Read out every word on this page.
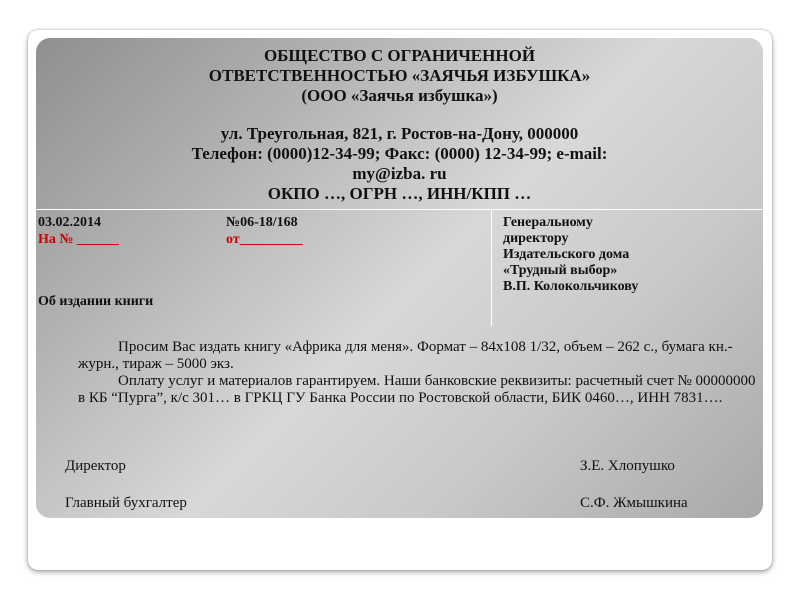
ОБЩЕСТВО С ОГРАНИЧЕННОЙ
ОТВЕТСТВЕННОСТЬЮ «ЗАЯЧЬЯ ИЗБУШКА»
(ООО «Заячья избушка»)
ул. Треугольная, 821, г. Ростов-на-Дону, 000000
Телефон: (0000)12-34-99; Факс: (0000) 12-34-99; e-mail:
my@izba. ru
ОКПО …, ОГРН …, ИНН/КПП …
03.02.2014	№06-18/168
На № ______	от_________
Об издании книги
Генеральному
директору
Издательского дома
«Трудный выбор»
В.П. Колокольчикову

Просим Вас издать книгу «Африка для меня». Формат – 84х108 1/32, объем – 262 с., бумага кн.-журн., тираж – 5000 экз.

Оплату услуг и материалов гарантируем. Наши банковские реквизиты: расчетный счет № 00000000 в КБ “Пурга”, к/с 301… в ГРКЦ ГУ Банка России по Ростовской области, БИК 0460…, ИНН 7831….

Директор	З.Е. Хлопушко
Главный бухгалтер	С.Ф. Жмышкина
